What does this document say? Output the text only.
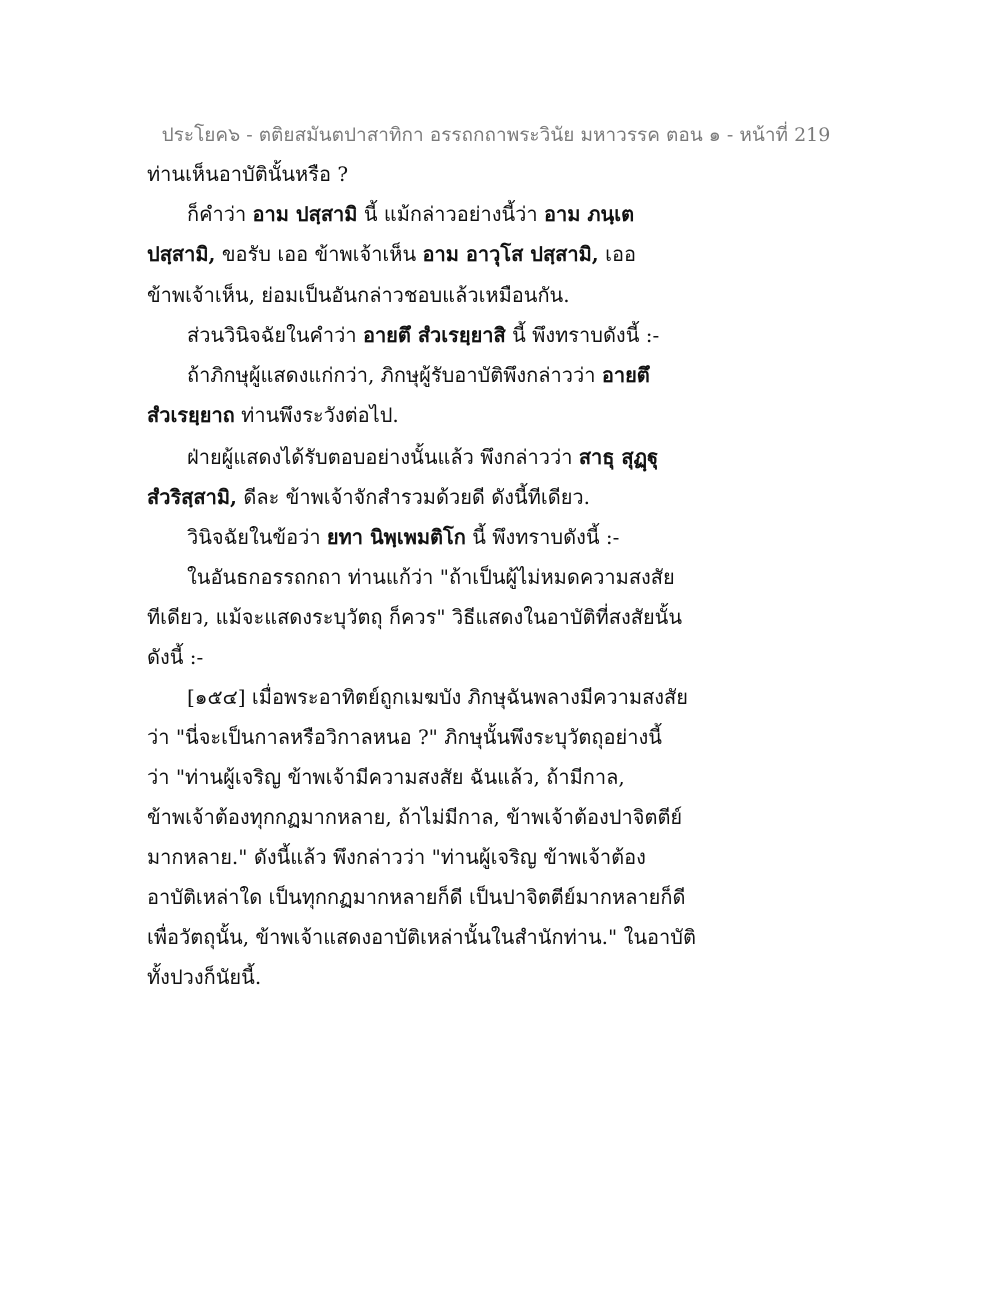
ประโยค๖ - ตติยสมันตปาสาทิกา อรรถกถาพระวินัย มหาวรรค ตอน ๑ - หน้าที่ 219
ท่านเห็นอาบัตินั้นหรือ ?
ก็คำว่า อาม ปสฺสามิ นี้ แม้กล่าวอย่างนี้ว่า อาม ภนฺเต
ปสฺสามิ, ขอรับ เออ ข้าพเจ้าเห็น อาม อาวุโส ปสฺสามิ, เออ
ข้าพเจ้าเห็น, ย่อมเป็นอันกล่าวชอบแล้วเหมือนกัน.
ส่วนวินิจฉัยในคำว่า อายตึ สํวเรยฺยาสิ นี้ พึงทราบดังนี้ :-
ถ้าภิกษุผู้แสดงแก่กว่า, ภิกษุผู้รับอาบัติพึงกล่าวว่า อายตึ
สํวเรยฺยาถ ท่านพึงระวังต่อไป.
ฝ่ายผู้แสดงได้รับตอบอย่างนั้นแล้ว พึงกล่าวว่า สาธุ สุฏฺฐุ
สํวริสฺสามิ, ดีละ ข้าพเจ้าจักสำรวมด้วยดี ดังนี้ทีเดียว.
วินิจฉัยในข้อว่า ยทา นิพฺเพมติโก นี้ พึงทราบดังนี้ :-
ในอันธกอรรถกถา ท่านแก้ว่า "ถ้าเป็นผู้ไม่หมดความสงสัย
ทีเดียว, แม้จะแสดงระบุวัตถุ ก็ควร" วิธีแสดงในอาบัติที่สงสัยนั้น
ดังนี้ :-
[๑๕๔] เมื่อพระอาทิตย์ถูกเมฆบัง ภิกษุฉันพลางมีความสงสัย
ว่า "นี่จะเป็นกาลหรือวิกาลหนอ ?" ภิกษุนั้นพึงระบุวัตถุอย่างนี้
ว่า "ท่านผู้เจริญ ข้าพเจ้ามีความสงสัย ฉันแล้ว, ถ้ามีกาล,
ข้าพเจ้าต้องทุกกฏมากหลาย, ถ้าไม่มีกาล, ข้าพเจ้าต้องปาจิตตีย์
มากหลาย." ดังนี้แล้ว พึงกล่าวว่า "ท่านผู้เจริญ ข้าพเจ้าต้อง
อาบัติเหล่าใด เป็นทุกกฏมากหลายก็ดี เป็นปาจิตตีย์มากหลายก็ดี
เพื่อวัตถุนั้น, ข้าพเจ้าแสดงอาบัติเหล่านั้นในสำนักท่าน." ในอาบัติ
ทั้งปวงก็นัยนี้.
